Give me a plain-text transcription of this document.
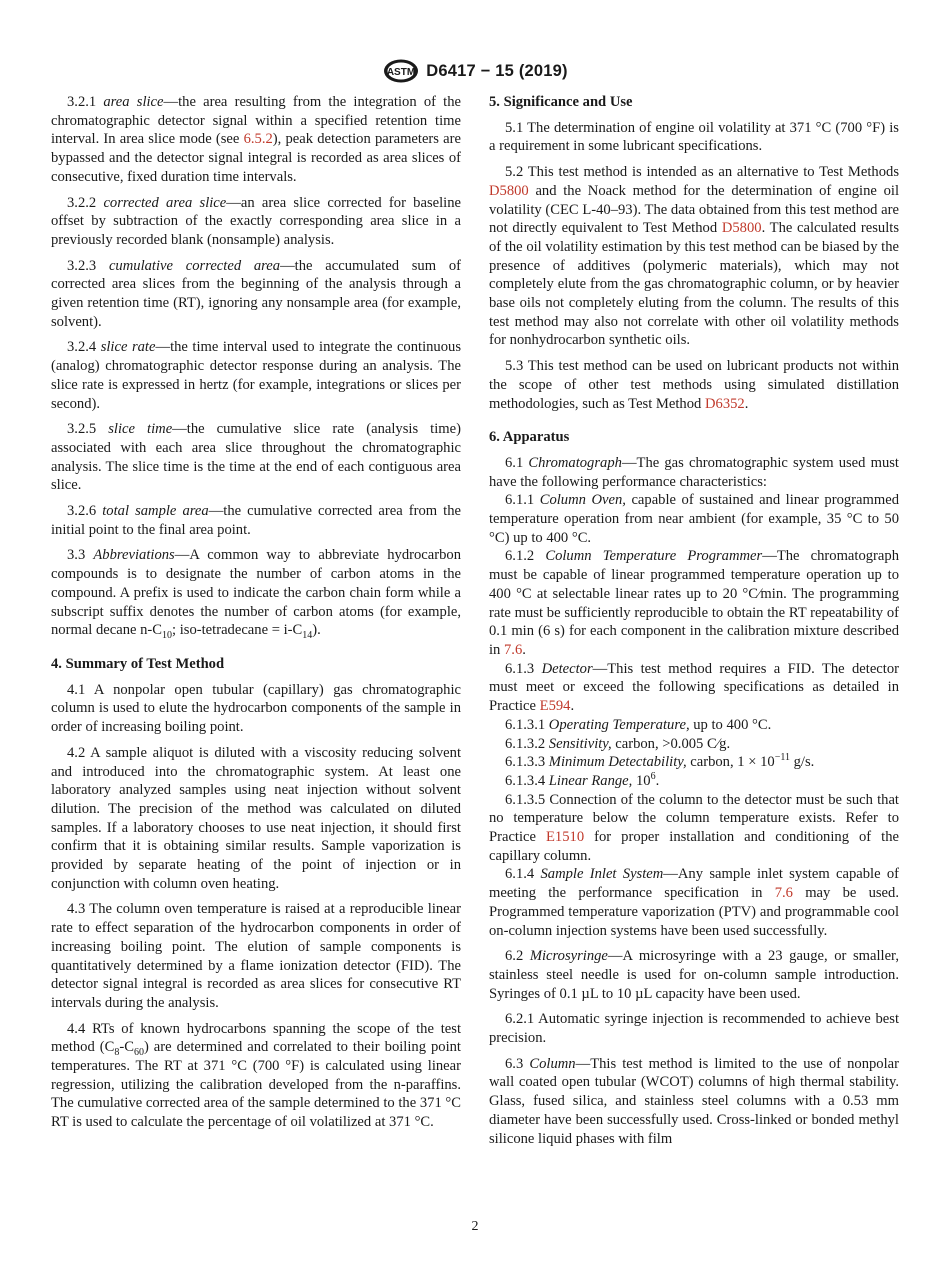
ASTM D6417 − 15 (2019)

3.2.1 area slice—the area resulting from the integration of the chromatographic detector signal within a specified retention time interval. In area slice mode (see 6.5.2), peak detection parameters are bypassed and the detector signal integral is recorded as area slices of consecutive, fixed duration time intervals.

3.2.2 corrected area slice—an area slice corrected for baseline offset by subtraction of the exactly corresponding area slice in a previously recorded blank (nonsample) analysis.

3.2.3 cumulative corrected area—the accumulated sum of corrected area slices from the beginning of the analysis through a given retention time (RT), ignoring any nonsample area (for example, solvent).

3.2.4 slice rate—the time interval used to integrate the continuous (analog) chromatographic detector response during an analysis. The slice rate is expressed in hertz (for example, integrations or slices per second).

3.2.5 slice time—the cumulative slice rate (analysis time) associated with each area slice throughout the chromatographic analysis. The slice time is the time at the end of each contiguous area slice.

3.2.6 total sample area—the cumulative corrected area from the initial point to the final area point.

3.3 Abbreviations—A common way to abbreviate hydrocarbon compounds is to designate the number of carbon atoms in the compound. A prefix is used to indicate the carbon chain form while a subscript suffix denotes the number of carbon atoms (for example, normal decane $n-C_{10}$; iso-tetradecane = $i-C_{14}$).

4. Summary of Test Method

4.1 A nonpolar open tubular (capillary) gas chromatographic column is used to elute the hydrocarbon components of the sample in order of increasing boiling point.

4.2 A sample aliquot is diluted with a viscosity reducing solvent and introduced into the chromatographic system. At least one laboratory analyzed samples using neat injection without solvent dilution. The precision of the method was calculated on diluted samples. If a laboratory chooses to use neat injection, it should first confirm that it is obtaining similar results. Sample vaporization is provided by separate heating of the point of injection or in conjunction with column oven heating.

4.3 The column oven temperature is raised at a reproducible linear rate to effect separation of the hydrocarbon components in order of increasing boiling point. The elution of sample components is quantitatively determined by a flame ionization detector (FID). The detector signal integral is recorded as area slices for consecutive RT intervals during the analysis.

4.4 RTs of known hydrocarbons spanning the scope of the test method $(C_8-C_{60})$ are determined and correlated to their boiling point temperatures. The RT at 371 °C (700 °F) is calculated using linear regression, utilizing the calibration developed from the n-paraffins. The cumulative corrected area of the sample determined to the 371 °C RT is used to calculate the percentage of oil volatilized at 371 °C.

5. Significance and Use

5.1 The determination of engine oil volatility at 371 °C (700 °F) is a requirement in some lubricant specifications.

5.2 This test method is intended as an alternative to Test Methods D5800 and the Noack method for the determination of engine oil volatility (CEC L-40–93). The data obtained from this test method are not directly equivalent to Test Method D5800. The calculated results of the oil volatility estimation by this test method can be biased by the presence of additives (polymeric materials), which may not completely elute from the gas chromatographic column, or by heavier base oils not completely eluting from the column. The results of this test method may also not correlate with other oil volatility methods for nonhydrocarbon synthetic oils.

5.3 This test method can be used on lubricant products not within the scope of other test methods using simulated distillation methodologies, such as Test Method D6352.

6. Apparatus

6.1 Chromatograph—The gas chromatographic system used must have the following performance characteristics:

6.1.1 Column Oven, capable of sustained and linear programmed temperature operation from near ambient (for example, 35 °C to 50 °C) up to 400 °C.

6.1.2 Column Temperature Programmer—The chromatograph must be capable of linear programmed temperature operation up to 400 °C at selectable linear rates up to 20 °C⁄min. The programming rate must be sufficiently reproducible to obtain the RT repeatability of 0.1 min (6 s) for each component in the calibration mixture described in 7.6.

6.1.3 Detector—This test method requires a FID. The detector must meet or exceed the following specifications as detailed in Practice E594.

6.1.3.1 Operating Temperature, up to 400 °C.

6.1.3.2 Sensitivity, carbon, >0.005 C⁄g.

6.1.3.3 Minimum Detectability, carbon, $1 \times 10^{-11}$ g/s.

6.1.3.4 Linear Range, $10^6$.

6.1.3.5 Connection of the column to the detector must be such that no temperature below the column temperature exists. Refer to Practice E1510 for proper installation and conditioning of the capillary column.

6.1.4 Sample Inlet System—Any sample inlet system capable of meeting the performance specification in 7.6 may be used. Programmed temperature vaporization (PTV) and programmable cool on-column injection systems have been used successfully.

6.2 Microsyringe—A microsyringe with a 23 gauge, or smaller, stainless steel needle is used for on-column sample introduction. Syringes of 0.1 µL to 10 µL capacity have been used.

6.2.1 Automatic syringe injection is recommended to achieve best precision.

6.3 Column—This test method is limited to the use of nonpolar wall coated open tubular (WCOT) columns of high thermal stability. Glass, fused silica, and stainless steel columns with a 0.53 mm diameter have been successfully used. Cross-linked or bonded methyl silicone liquid phases with film

2
